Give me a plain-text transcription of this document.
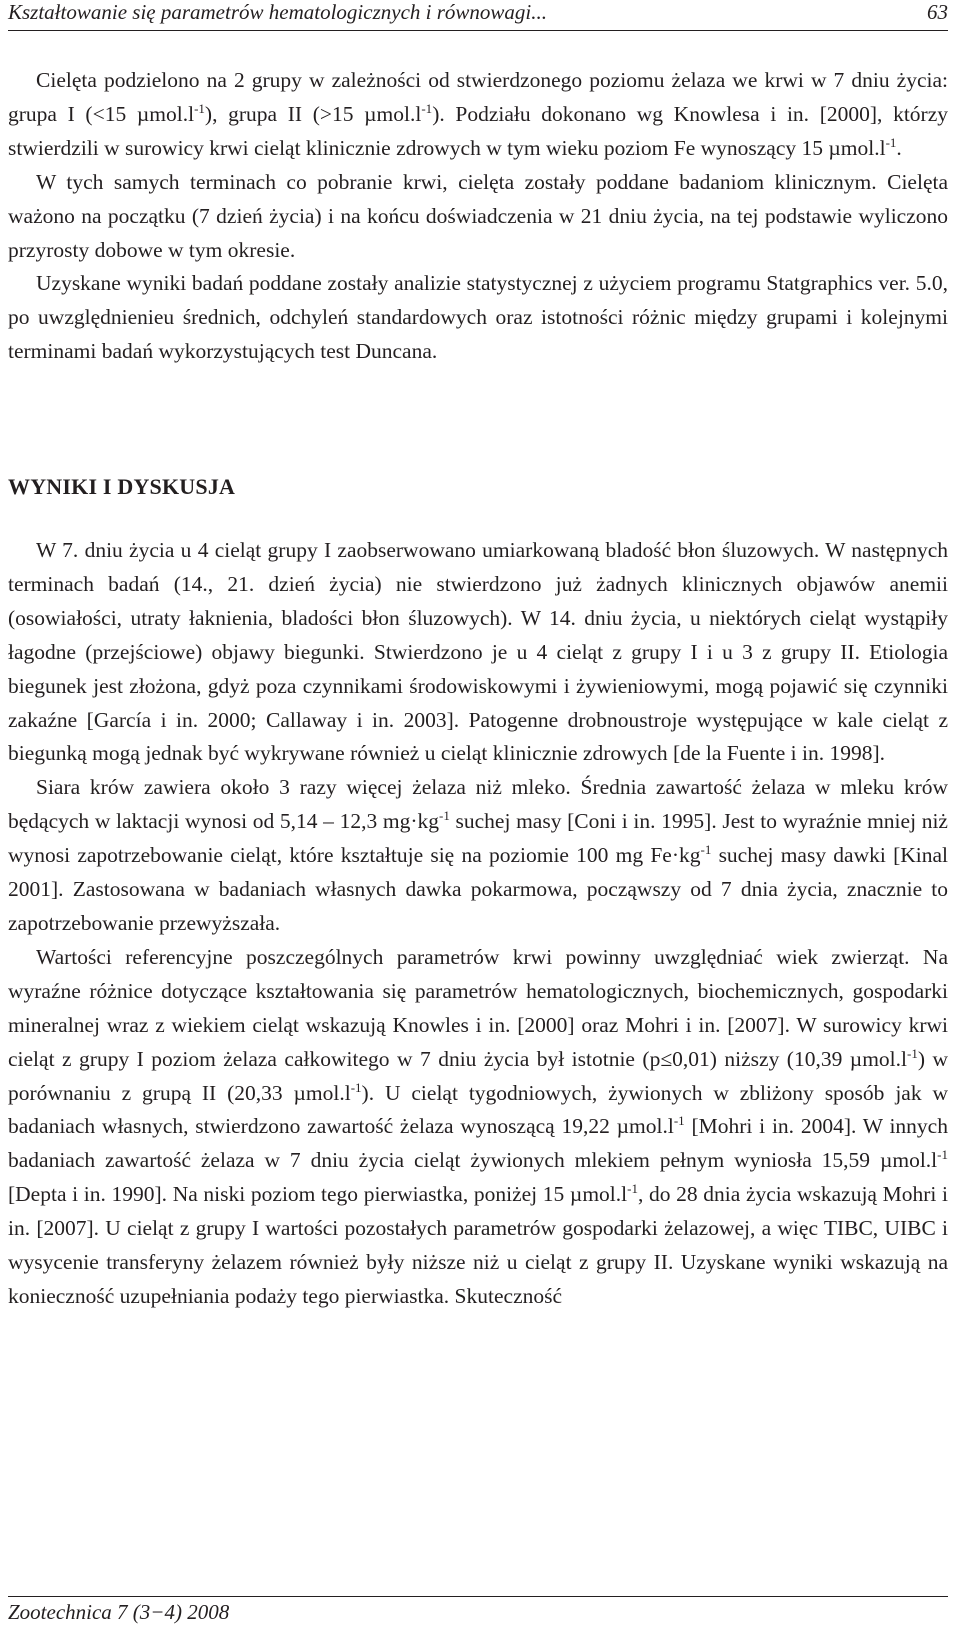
Kształtowanie się parametrów hematologicznych i równowagi...	63

Cielęta podzielono na 2 grupy w zależności od stwierdzonego poziomu żelaza we krwi w 7 dniu życia: grupa I (<15 $\mu mol.l^{-1}$), grupa II (>15 $\mu mol.l^{-1}$). Podziału dokonano wg Knowlesa i in. [2000], którzy stwierdzili w surowicy krwi cieląt klinicznie zdrowych w tym wieku poziom Fe wynoszący 15 $\mu mol.l^{-1}$.

W tych samych terminach co pobranie krwi, cielęta zostały poddane badaniom klinicznym. Cielęta ważono na początku (7 dzień życia) i na końcu doświadczenia w 21 dniu życia, na tej podstawie wyliczono przyrosty dobowe w tym okresie.

Uzyskane wyniki badań poddane zostały analizie statystycznej z użyciem programu Statgraphics ver. 5.0, po uwzględnienieu średnich, odchyleń standardowych oraz istotności różnic między grupami i kolejnymi terminami badań wykorzystujących test Duncana.

WYNIKI I DYSKUSJA

W 7. dniu życia u 4 cieląt grupy I zaobserwowano umiarkowaną bladość błon śluzowych. W następnych terminach badań (14., 21. dzień życia) nie stwierdzono już żadnych klinicznych objawów anemii (osowiałości, utraty łaknienia, bladości błon śluzowych). W 14. dniu życia, u niektórych cieląt wystąpiły łagodne (przejściowe) objawy biegunki. Stwierdzono je u 4 cieląt z grupy I i u 3 z grupy II. Etiologia biegunek jest złożona, gdyż poza czynnikami środowiskowymi i żywieniowymi, mogą pojawić się czynniki zakaźne [García i in. 2000; Callaway i in. 2003]. Patogenne drobnoustroje występujące w kale cieląt z biegunką mogą jednak być wykrywane również u cieląt klinicznie zdrowych [de la Fuente i in. 1998].

Siara krów zawiera około 3 razy więcej żelaza niż mleko. Średnia zawartość żelaza w mleku krów będących w laktacji wynosi od 5,14 – 12,3 $mg\cdot kg^{-1}$ suchej masy [Coni i in. 1995]. Jest to wyraźnie mniej niż wynosi zapotrzebowanie cieląt, które kształtuje się na poziomie 100 mg $Fe\cdot kg^{-1}$ suchej masy dawki [Kinal 2001]. Zastosowana w badaniach własnych dawka pokarmowa, począwszy od 7 dnia życia, znacznie to zapotrzebowanie przewyższała.

Wartości referencyjne poszczególnych parametrów krwi powinny uwzględniać wiek zwierząt. Na wyraźne różnice dotyczące kształtowania się parametrów hematologicznych, biochemicznych, gospodarki mineralnej wraz z wiekiem cieląt wskazują Knowles i in. [2000] oraz Mohri i in. [2007]. W surowicy krwi cieląt z grupy I poziom żelaza całkowitego w 7 dniu życia był istotnie (p≤0,01) niższy (10,39 $\mu mol.l^{-1}$) w porównaniu z grupą II (20,33 $\mu mol.l^{-1}$). U cieląt tygodniowych, żywionych w zbliżony sposób jak w badaniach własnych, stwierdzono zawartość żelaza wynoszącą 19,22 $\mu mol.l^{-1}$ [Mohri i in. 2004]. W innych badaniach zawartość żelaza w 7 dniu życia cieląt żywionych mlekiem pełnym wyniosła 15,59 $\mu mol.l^{-1}$ [Depta i in. 1990]. Na niski poziom tego pierwiastka, poniżej 15 $\mu mol.l^{-1}$, do 28 dnia życia wskazują Mohri i in. [2007]. U cieląt z grupy I wartości pozostałych parametrów gospodarki żelazowej, a więc TIBC, UIBC i wysycenie transferyny żelazem również były niższe niż u cieląt z grupy II. Uzyskane wyniki wskazują na konieczność uzupełniania podaży tego pierwiastka. Skuteczność

Zootechnica 7 (3−4) 2008
